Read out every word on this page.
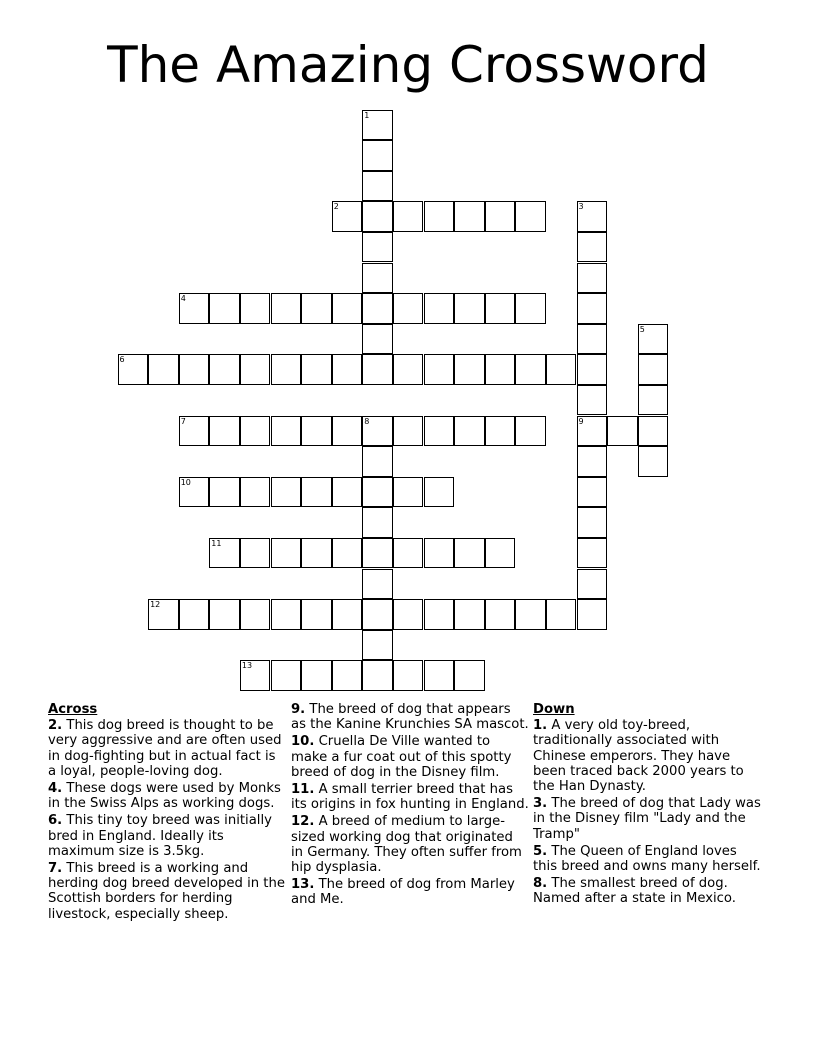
The Amazing Crossword
1
2	3
9
4
5
6
7	8
10
11
12
13
Across
2. This dog breed is thought to be very aggressive and are often used in dog-fighting but in actual fact is a loyal, people-loving dog.
4. These dogs were used by Monks in the Swiss Alps as working dogs.
6. This tiny toy breed was initially bred in England. Ideally its maximum size is 3.5kg.
7. This breed is a working and herding dog breed developed in the Scottish borders for herding livestock, especially sheep.
9. The breed of dog that appears as the Kanine Krunchies SA mascot.
10. Cruella De Ville wanted to make a fur coat out of this spotty breed of dog in the Disney film.
11. A small terrier breed that has its origins in fox hunting in England.
12. A breed of medium to large-sized working dog that originated in Germany. They often suffer from hip dysplasia.
13. The breed of dog from Marley and Me.
Down
1. A very old toy-breed, traditionally associated with Chinese emperors. They have been traced back 2000 years to the Han Dynasty.
3. The breed of dog that Lady was in the Disney film "Lady and the Tramp"
5. The Queen of England loves this breed and owns many herself.
8. The smallest breed of dog. Named after a state in Mexico.
